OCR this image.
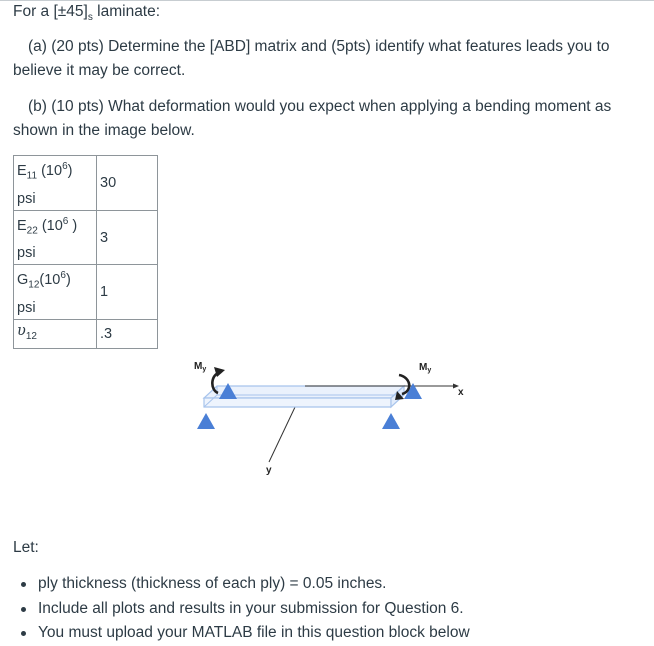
For a $[\pm 45]_s$ laminate:
(a) (20 pts) Determine the [ABD] matrix and (5pts) identify what features leads you to
believe it may be correct.
(b) (10 pts) What deformation would you expect when applying a bending moment as
shown in the image below.
$E_{11}$ $(10^6)$
psi	30
$E_{22}$ ($10^6$ )
psi	3
$G_{12}(10^6)$
psi	1
$\upsilon_{12}$	.3
$M_y$	$M_y$
x
y
Let:
ply thickness (thickness of each ply) = 0.05 inches.
Include all plots and results in your submission for Question 6.
You must upload your MATLAB file in this question block below
